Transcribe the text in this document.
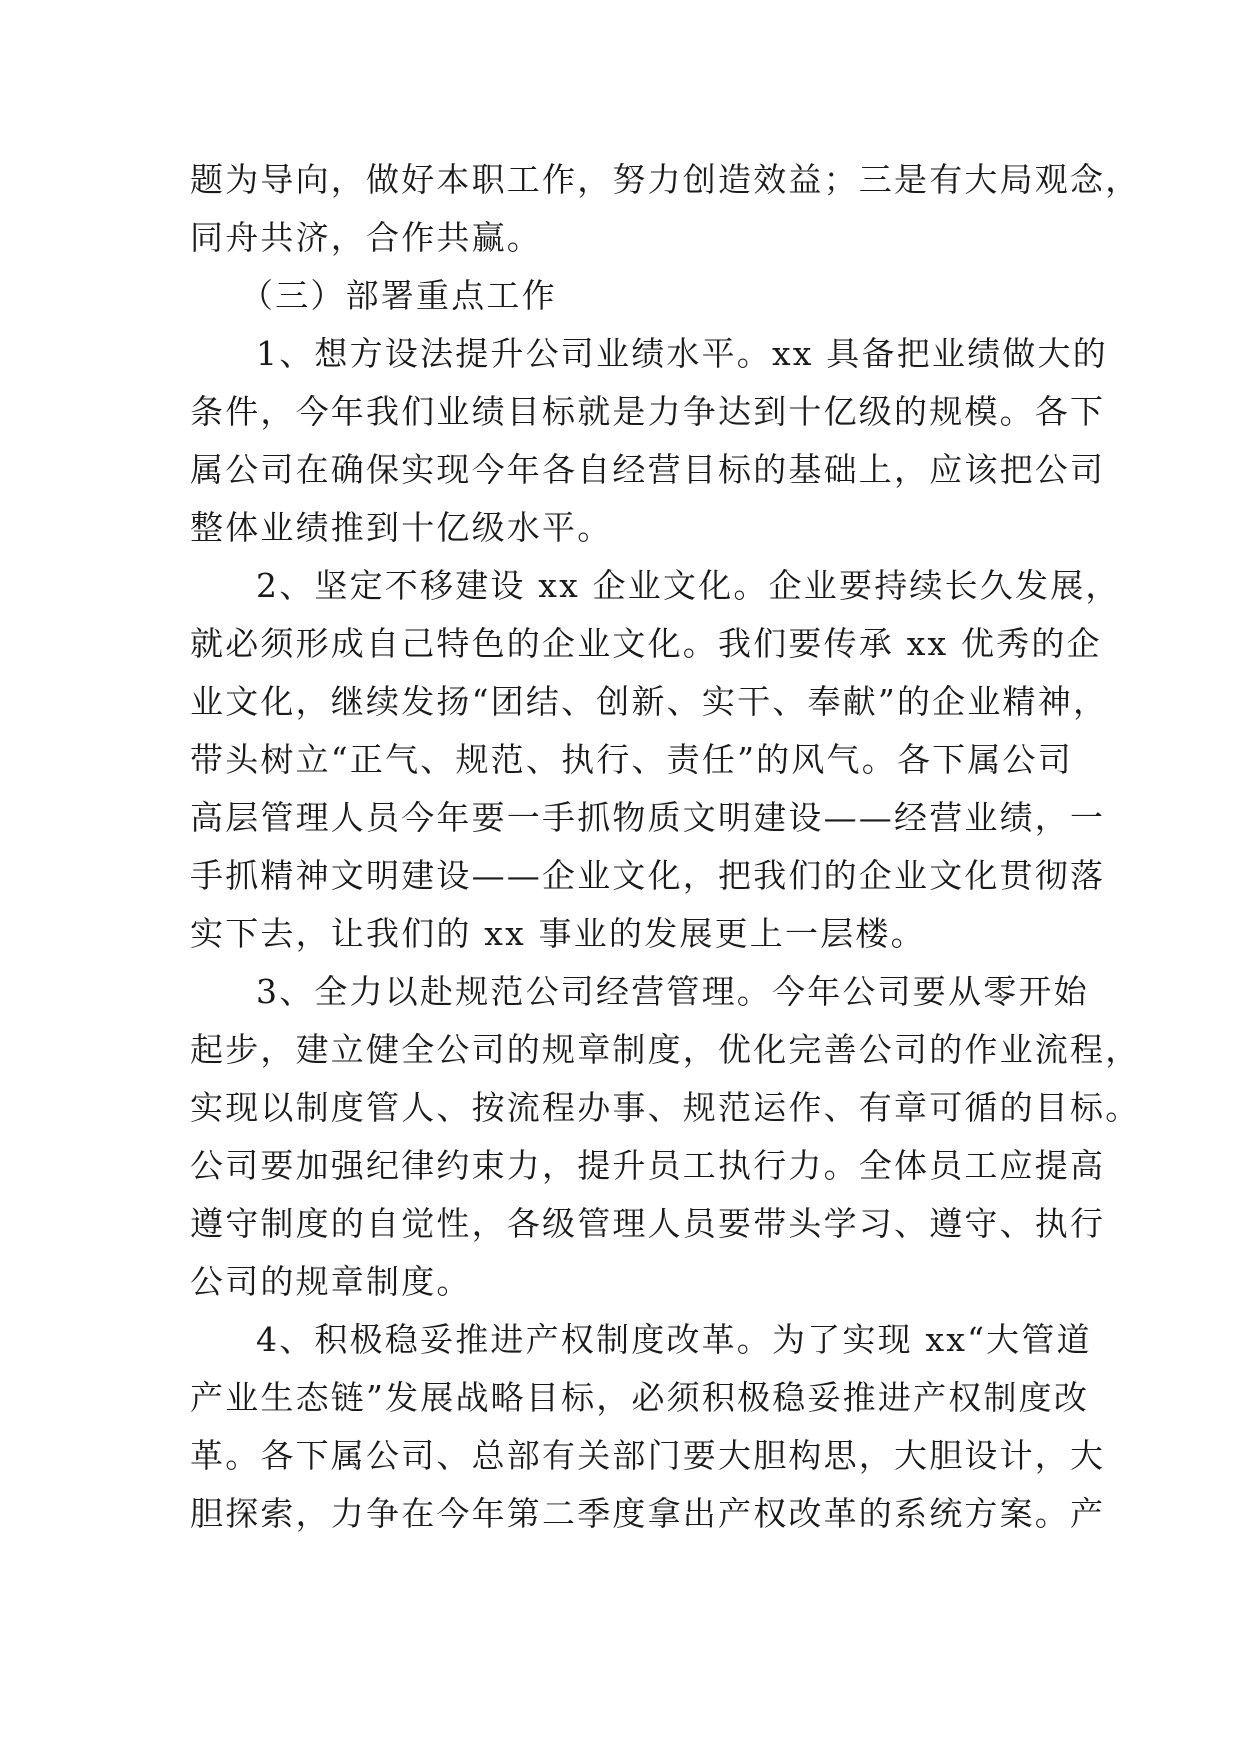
题为导向，做好本职工作，努力创造效益；三是有大局观念，
同舟共济，合作共赢。
（三）部署重点工作
1、想方设法提升公司业绩水平。xx 具备把业绩做大的
条件，今年我们业绩目标就是力争达到十亿级的规模。各下
属公司在确保实现今年各自经营目标的基础上，应该把公司
整体业绩推到十亿级水平。
2、坚定不移建设 xx 企业文化。企业要持续长久发展，
就必须形成自己特色的企业文化。我们要传承 xx 优秀的企
业文化，继续发扬“团结、创新、实干、奉献”的企业精神，
带头树立“正气、规范、执行、责任”的风气。各下属公司
高层管理人员今年要一手抓物质文明建设——经营业绩，一
手抓精神文明建设——企业文化，把我们的企业文化贯彻落
实下去，让我们的 xx 事业的发展更上一层楼。
3、全力以赴规范公司经营管理。今年公司要从零开始
起步，建立健全公司的规章制度，优化完善公司的作业流程，
实现以制度管人、按流程办事、规范运作、有章可循的目标。
公司要加强纪律约束力，提升员工执行力。全体员工应提高
遵守制度的自觉性，各级管理人员要带头学习、遵守、执行
公司的规章制度。
4、积极稳妥推进产权制度改革。为了实现 xx“大管道
产业生态链”发展战略目标，必须积极稳妥推进产权制度改
革。各下属公司、总部有关部门要大胆构思，大胆设计，大
胆探索，力争在今年第二季度拿出产权改革的系统方案。产
